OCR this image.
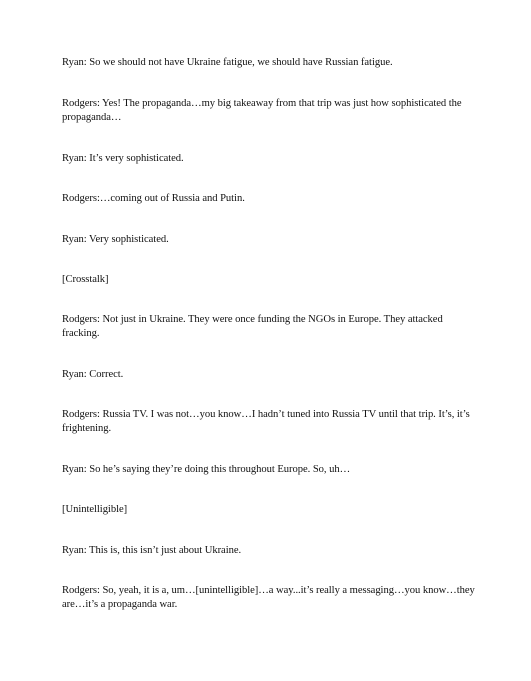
Ryan: So we should not have Ukraine fatigue, we should have Russian fatigue.

Rodgers: Yes! The propaganda…my big takeaway from that trip was just how sophisticated the propaganda…

Ryan: It’s very sophisticated.

Rodgers:…coming out of Russia and Putin.

Ryan: Very sophisticated.

[Crosstalk]

Rodgers: Not just in Ukraine. They were once funding the NGOs in Europe. They attacked fracking.

Ryan: Correct.

Rodgers: Russia TV. I was not…you know…I hadn’t tuned into Russia TV until that trip. It’s, it’s frightening.

Ryan: So he’s saying they’re doing this throughout Europe. So, uh…

[Unintelligible]

Ryan: This is, this isn’t just about Ukraine.

Rodgers: So, yeah, it is a, um…[unintelligible]…a way...it’s really a messaging…you know…they are…it’s a propaganda war.
